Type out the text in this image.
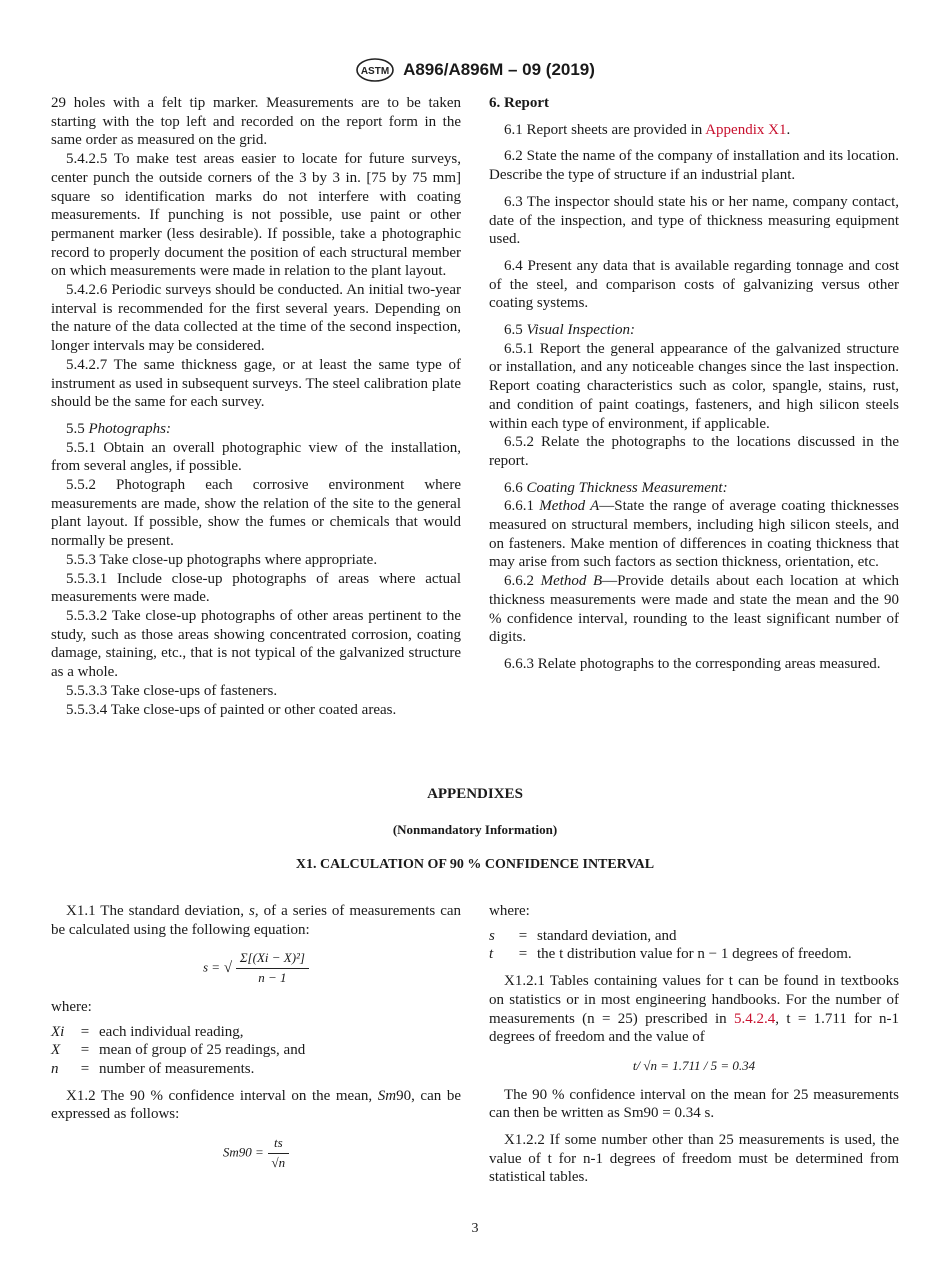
ASTM A896/A896M – 09 (2019)

29 holes with a felt tip marker. Measurements are to be taken starting with the top left and recorded on the report form in the same order as measured on the grid.

5.4.2.5 To make test areas easier to locate for future surveys, center punch the outside corners of the 3 by 3 in. [75 by 75 mm] square so identification marks do not interfere with coating measurements. If punching is not possible, use paint or other permanent marker (less desirable). If possible, take a photographic record to properly document the position of each structural member on which measurements were made in relation to the plant layout.

5.4.2.6 Periodic surveys should be conducted. An initial two-year interval is recommended for the first several years. Depending on the nature of the data collected at the time of the second inspection, longer intervals may be considered.

5.4.2.7 The same thickness gage, or at least the same type of instrument as used in subsequent surveys. The steel calibration plate should be the same for each survey.

5.5 Photographs:

5.5.1 Obtain an overall photographic view of the installation, from several angles, if possible.

5.5.2 Photograph each corrosive environment where measurements are made, show the relation of the site to the general plant layout. If possible, show the fumes or chemicals that would normally be present.

5.5.3 Take close-up photographs where appropriate.

5.5.3.1 Include close-up photographs of areas where actual measurements were made.

5.5.3.2 Take close-up photographs of other areas pertinent to the study, such as those areas showing concentrated corrosion, coating damage, staining, etc., that is not typical of the galvanized structure as a whole.

5.5.3.3 Take close-ups of fasteners.

5.5.3.4 Take close-ups of painted or other coated areas.

6. Report

6.1 Report sheets are provided in Appendix X1.

6.2 State the name of the company of installation and its location. Describe the type of structure if an industrial plant.

6.3 The inspector should state his or her name, company contact, date of the inspection, and type of thickness measuring equipment used.

6.4 Present any data that is available regarding tonnage and cost of the steel, and comparison costs of galvanizing versus other coating systems.

6.5 Visual Inspection:

6.5.1 Report the general appearance of the galvanized structure or installation, and any noticeable changes since the last inspection. Report coating characteristics such as color, spangle, stains, rust, and condition of paint coatings, fasteners, and high silicon steels within each type of environment, if applicable.

6.5.2 Relate the photographs to the locations discussed in the report.

6.6 Coating Thickness Measurement:

6.6.1 Method A—State the range of average coating thicknesses measured on structural members, including high silicon steels, and on fasteners. Make mention of differences in coating thickness that may arise from such factors as section thickness, orientation, etc.

6.6.2 Method B—Provide details about each location at which thickness measurements were made and state the mean and the 90 % confidence interval, rounding to the least significant number of digits.

6.6.3 Relate photographs to the corresponding areas measured.

APPENDIXES
(Nonmandatory Information)
X1. CALCULATION OF 90 % CONFIDENCE INTERVAL

X1.1 The standard deviation, s, of a series of measurements can be calculated using the following equation:

s = √ $\frac{\text{Σ[(Xi − X)²]}}{n - 1}$

where:

Xi	= each individual reading,
X	= mean of group of 25 readings, and
n	= number of measurements.

X1.2 The 90 % confidence interval on the mean, Sm90, can be expressed as follows:

$Sm90 = \frac{ts}{√n}$

where:

s	= standard deviation, and
t	= the t distribution value for n − 1 degrees of freedom.

X1.2.1 Tables containing values for t can be found in textbooks on statistics or in most engineering handbooks. For the number of measurements (n = 25) prescribed in 5.4.2.4, t = 1.711 for n-1 degrees of freedom and the value of

t/ √n = 1.711 / 5 = 0.34

The 90 % confidence interval on the mean for 25 measurements can then be written as Sm90 = 0.34 s.

X1.2.2 If some number other than 25 measurements is used, the value of t for n-1 degrees of freedom must be determined from statistical tables.

3
